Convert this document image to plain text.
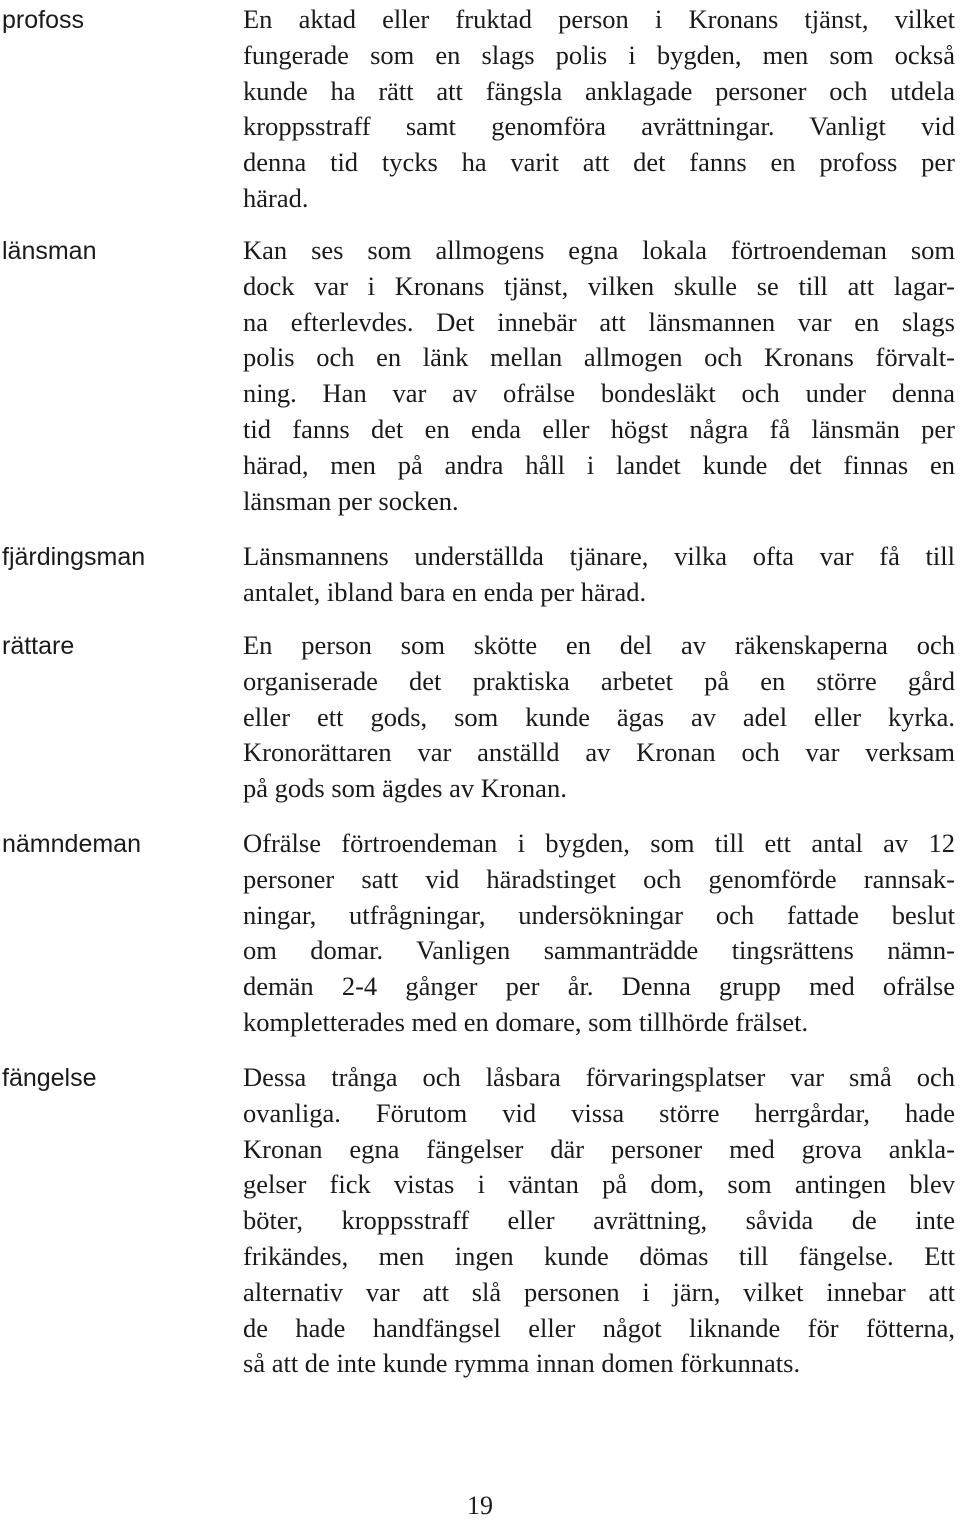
profoss	En aktad eller fruktad person i Kronans tjänst, vilket
fungerade som en slags polis i bygden, men som också
kunde ha rätt att fängsla anklagade personer och utdela
kroppsstraff samt genomföra avrättningar. Vanligt vid
denna tid tycks ha varit att det fanns en profoss per
härad.
länsman	Kan ses som allmogens egna lokala förtroendeman som
dock var i Kronans tjänst, vilken skulle se till att lagar-
na efterlevdes. Det innebär att länsmannen var en slags
polis och en länk mellan allmogen och Kronans förvalt-
ning. Han var av ofrälse bondesläkt och under denna
tid fanns det en enda eller högst några få länsmän per
härad, men på andra håll i landet kunde det finnas en
länsman per socken.
fjärdingsman	Länsmannens underställda tjänare, vilka ofta var få till
antalet, ibland bara en enda per härad.
rättare	En person som skötte en del av räkenskaperna och
organiserade det praktiska arbetet på en större gård
eller ett gods, som kunde ägas av adel eller kyrka.
Kronorättaren var anställd av Kronan och var verksam
på gods som ägdes av Kronan.
nämndeman	Ofrälse förtroendeman i bygden, som till ett antal av 12
personer satt vid häradstinget och genomförde rannsak-
ningar, utfrågningar, undersökningar och fattade beslut
om domar. Vanligen sammanträdde tingsrättens nämn-
demän 2-4 gånger per år. Denna grupp med ofrälse
kompletterades med en domare, som tillhörde frälset.
fängelse	Dessa trånga och låsbara förvaringsplatser var små och
ovanliga. Förutom vid vissa större herrgårdar, hade
Kronan egna fängelser där personer med grova ankla-
gelser fick vistas i väntan på dom, som antingen blev
böter, kroppsstraff eller avrättning, såvida de inte
frikändes, men ingen kunde dömas till fängelse. Ett
alternativ var att slå personen i järn, vilket innebar att
de hade handfängsel eller något liknande för fötterna,
så att de inte kunde rymma innan domen förkunnats.
19
